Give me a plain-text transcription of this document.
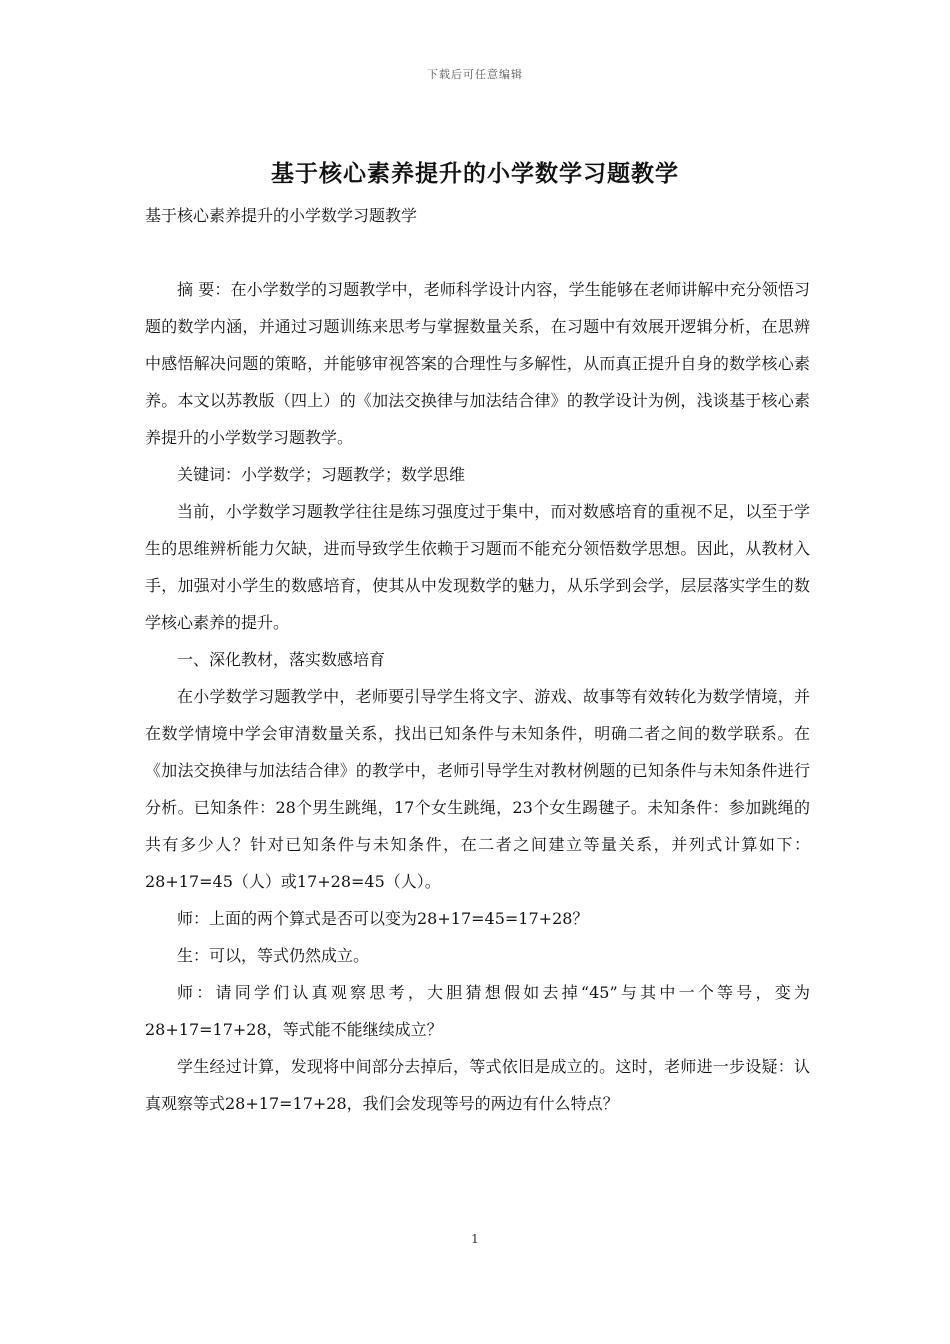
下载后可任意编辑
基于核心素养提升的小学数学习题教学
基于核心素养提升的小学数学习题教学

摘 要：在小学数学的习题教学中，老师科学设计内容，学生能够在老师讲解中充分领悟习题的数学内涵，并通过习题训练来思考与掌握数量关系，在习题中有效展开逻辑分析，在思辨中感悟解决问题的策略，并能够审视答案的合理性与多解性，从而真正提升自身的数学核心素养。本文以苏教版（四上）的《加法交换律与加法结合律》的教学设计为例，浅谈基于核心素养提升的小学数学习题教学。

关键词：小学数学；习题教学；数学思维

当前，小学数学习题教学往往是练习强度过于集中，而对数感培育的重视不足，以至于学生的思维辨析能力欠缺，进而导致学生依赖于习题而不能充分领悟数学思想。因此，从教材入手，加强对小学生的数感培育，使其从中发现数学的魅力，从乐学到会学，层层落实学生的数学核心素养的提升。

一、深化教材，落实数感培育

在小学数学习题教学中，老师要引导学生将文字、游戏、故事等有效转化为数学情境，并在数学情境中学会审清数量关系，找出已知条件与未知条件，明确二者之间的数学联系。在《加法交换律与加法结合律》的教学中，老师引导学生对教材例题的已知条件与未知条件进行分析。已知条件：28个男生跳绳，17个女生跳绳，23个女生踢毽子。未知条件：参加跳绳的共有多少人？针对已知条件与未知条件，在二者之间建立等量关系，并列式计算如下：28+17=45（人）或17+28=45（人）。

师：上面的两个算式是否可以变为28+17=45=17+28？

生：可以，等式仍然成立。

师：请同学们认真观察思考，大胆猜想假如去掉“45”与其中一个等号，变为28+17=17+28，等式能不能继续成立？

学生经过计算，发现将中间部分去掉后，等式依旧是成立的。这时，老师进一步设疑：认真观察等式28+17=17+28，我们会发现等号的两边有什么特点？

1
